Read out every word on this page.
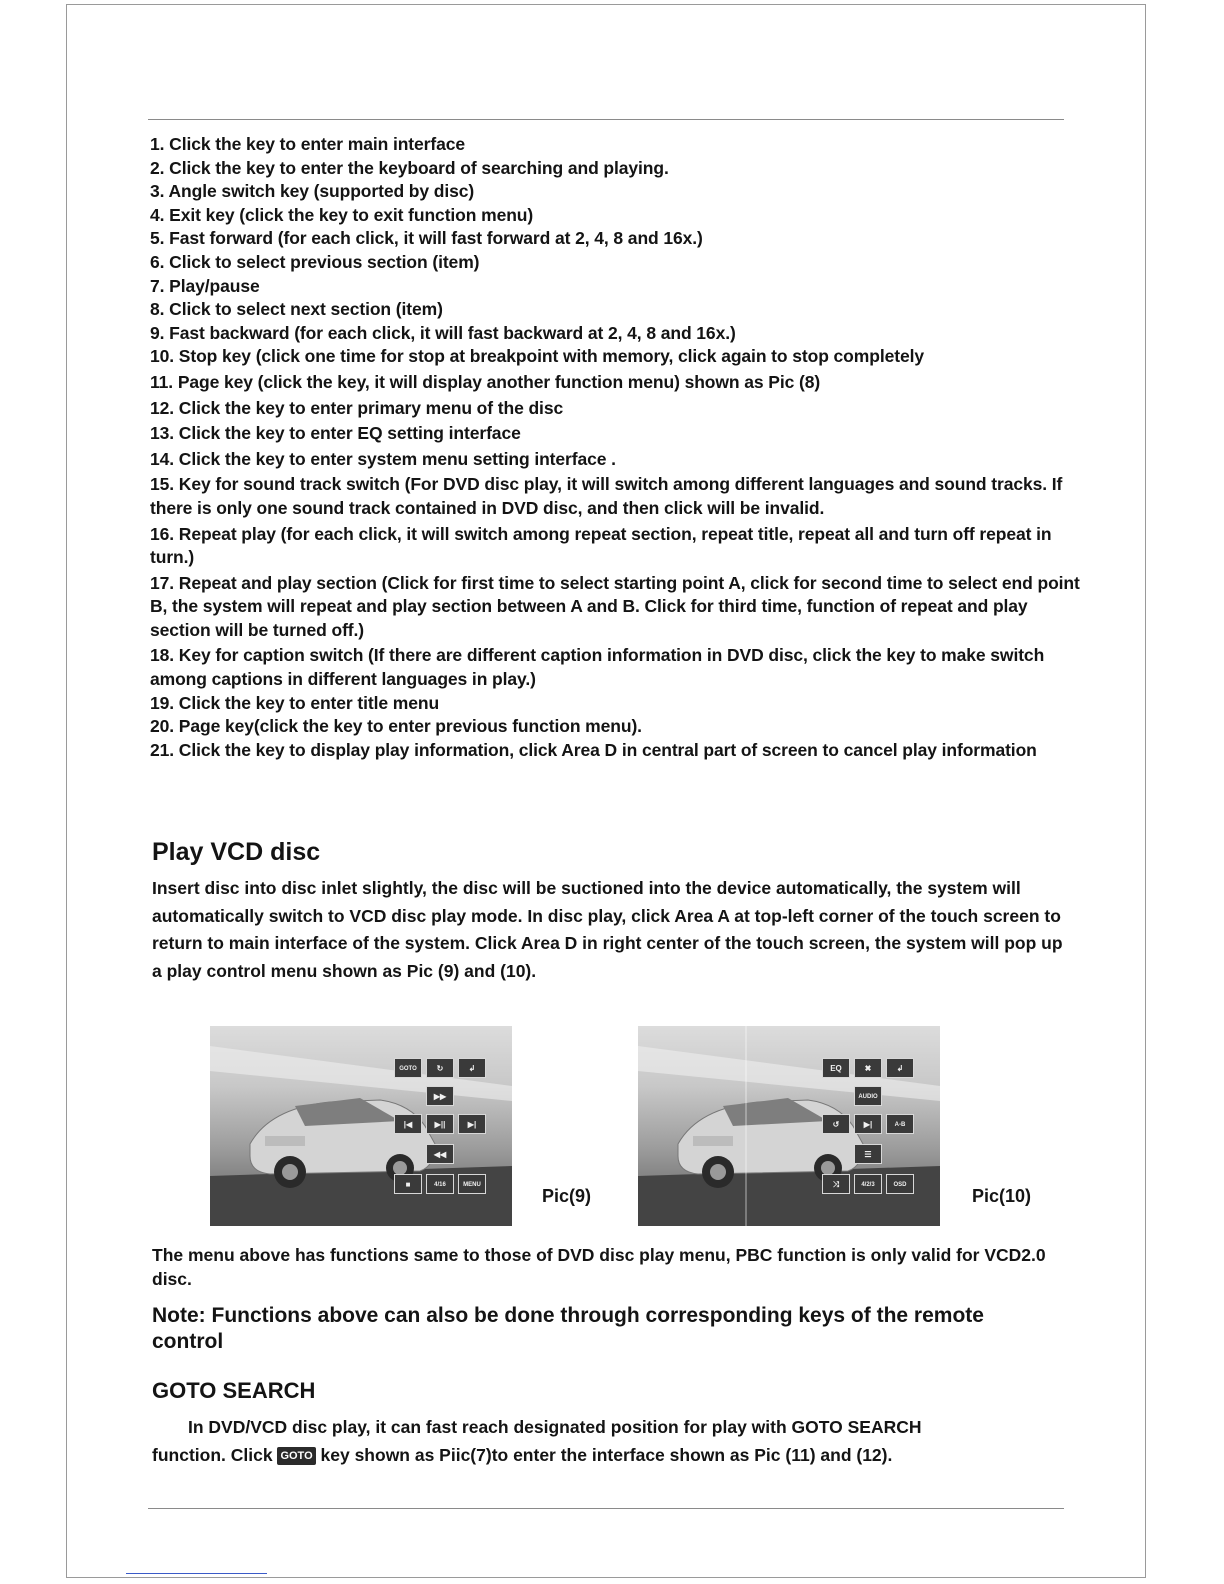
1. Click the key to enter main interface
2. Click the key to enter the keyboard of searching and playing.
3. Angle switch key (supported by disc)
4. Exit key (click the key to exit function menu)
5. Fast forward (for each click, it will fast forward at 2, 4, 8 and 16x.)
6. Click to select previous section (item)
7. Play/pause
8. Click to select next section (item)
9. Fast backward (for each click, it will fast backward at 2, 4, 8 and 16x.)
10. Stop key (click one time for stop at breakpoint with memory, click again to stop completely
11. Page key (click the key, it will display another function menu) shown as Pic (8)
12. Click the key to enter primary menu of the disc
13. Click the key to enter EQ setting interface
14. Click the key to enter system menu setting interface .
15. Key for sound track switch (For DVD disc play, it will switch among different languages and sound tracks. If there is only one sound track contained in DVD disc, and then click will be invalid.
16. Repeat play (for each click, it will switch among repeat section, repeat title, repeat all and turn off repeat in turn.)
17. Repeat and play section (Click for first time to select starting point A, click for second time to select end point B, the system will repeat and play section between A and B. Click for third time, function of repeat and play section will be turned off.)
18. Key for caption switch (If there are different caption information in DVD disc, click the key to make switch among captions in different languages in play.)
19. Click the key to enter title menu
20. Page key(click the key to enter previous function menu).
21. Click the key to display play information, click Area D in central part of screen to cancel play information
Play VCD disc

Insert disc into disc inlet slightly, the disc will be suctioned into the device automatically, the system will automatically switch to VCD disc play mode. In disc play, click Area A at top-left corner of the touch screen to return to main interface of the system. Click Area D in right center of the touch screen, the system will pop up a play control menu shown as Pic (9) and (10).

GOTO	↻	↲
▶▶
|◀	▶||	▶|
◀◀
■	4/16	MENU
Pic(9)
EQ	✖	↲
AUDIO
↺	▶|	A-B
☰
⤨	4/2/3	OSD
Pic(10)

The menu above has functions same to those of DVD disc play menu, PBC function is only valid for VCD2.0 disc.

Note: Functions above can also be done through corresponding keys of the remote control

GOTO SEARCH

In DVD/VCD disc play, it can fast reach designated position for play with GOTO SEARCH

function. Click GOTO key shown as Piic(7)to enter the interface shown as Pic (11) and (12).
